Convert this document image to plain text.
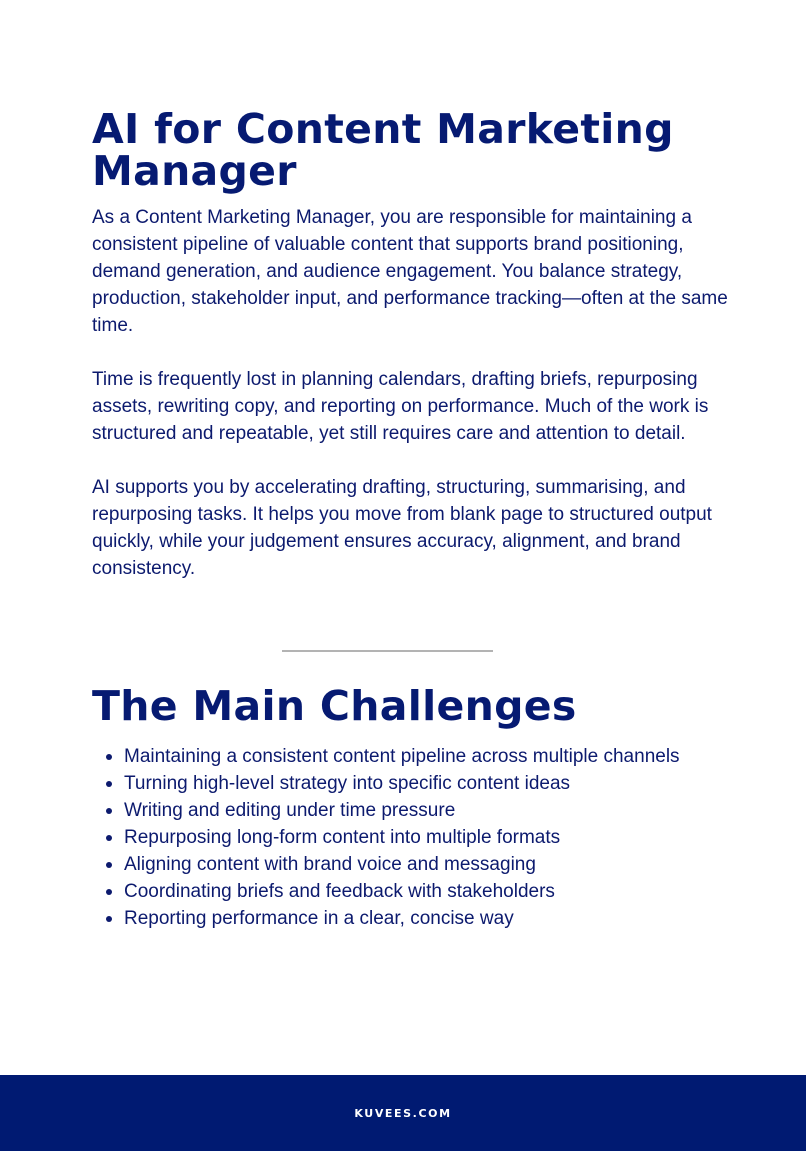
AI for Content Marketing Manager

As a Content Marketing Manager, you are responsible for maintaining a consistent pipeline of valuable content that supports brand positioning, demand generation, and audience engagement. You balance strategy, production, stakeholder input, and performance tracking—often at the same time.

Time is frequently lost in planning calendars, drafting briefs, repurposing assets, rewriting copy, and reporting on performance. Much of the work is structured and repeatable, yet still requires care and attention to detail.

AI supports you by accelerating drafting, structuring, summarising, and repurposing tasks. It helps you move from blank page to structured output quickly, while your judgement ensures accuracy, alignment, and brand consistency.

The Main Challenges
Maintaining a consistent content pipeline across multiple channels
Turning high-level strategy into specific content ideas
Writing and editing under time pressure
Repurposing long-form content into multiple formats
Aligning content with brand voice and messaging
Coordinating briefs and feedback with stakeholders
Reporting performance in a clear, concise way
KUVEES.COM
